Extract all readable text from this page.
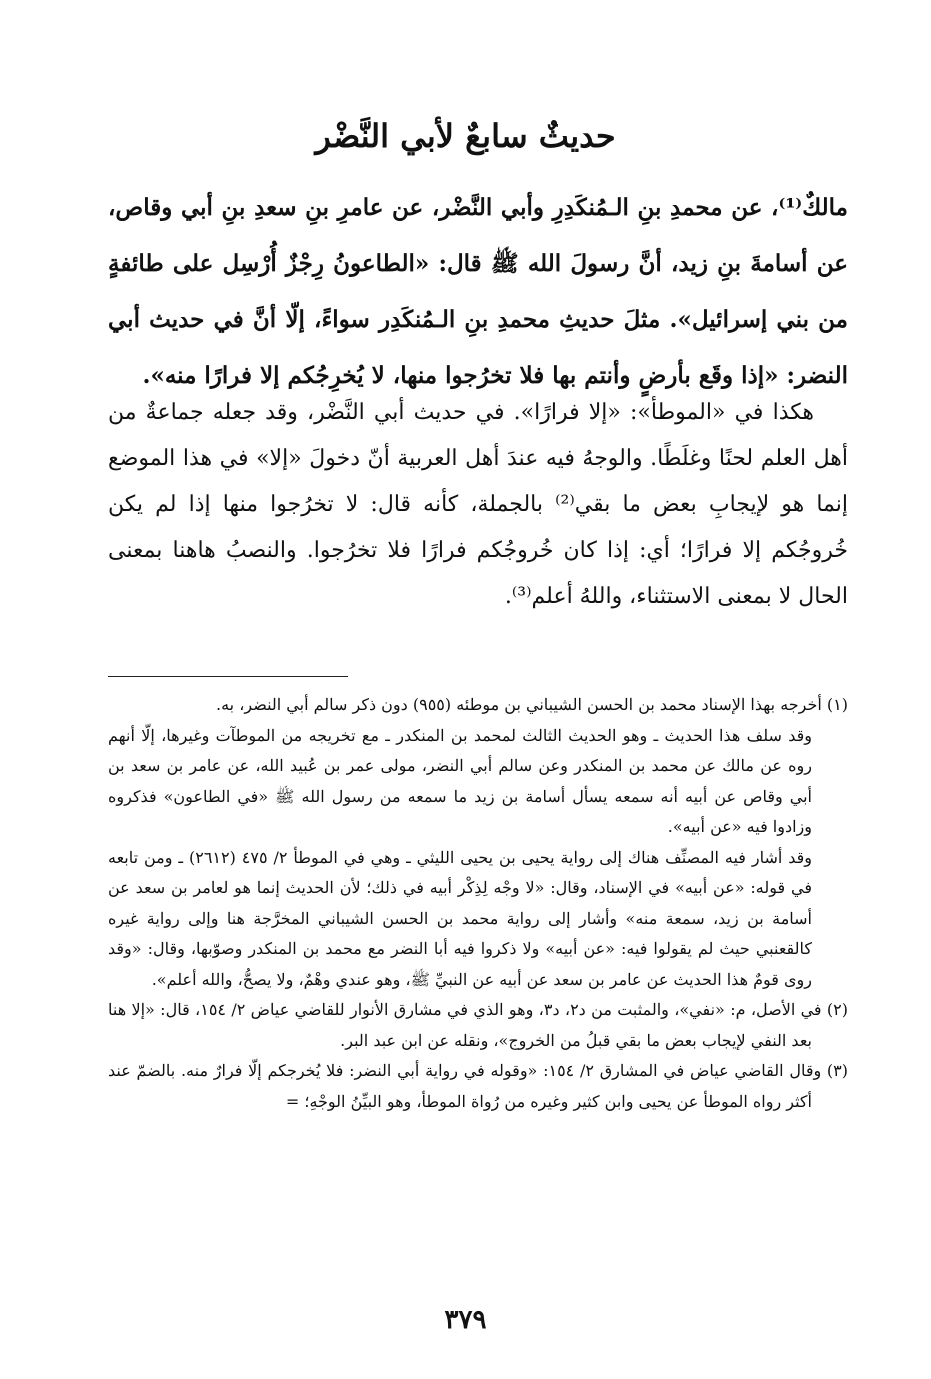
حديثٌ سابعٌ لأبي النَّضْر

مالكٌ⁽¹⁾، عن محمدِ بنِ الـمُنكَدِرِ وأبي النَّضْر، عن عامرِ بنِ سعدِ بنِ أبي وقاص، عن أسامةَ بنِ زيد، أنَّ رسولَ الله ﷺ قال: «الطاعونُ رِجْزٌ أُرْسِل على طائفةٍ من بني إسرائيل». مثلَ حديثِ محمدِ بنِ الـمُنكَدِر سواءً، إلّا أنَّ في حديث أبي النضر: «إذا وقَع بأرضٍ وأنتم بها فلا تخرُجوا منها، لا يُخرِجُكم إلا فرارًا منه».

هكذا في «الموطأ»: «إلا فرارًا». في حديث أبي النَّضْر، وقد جعله جماعةٌ من أهل العلم لحنًا وغلَطًا. والوجهُ فيه عندَ أهل العربية أنّ دخولَ «إلا» في هذا الموضع إنما هو لإيجابِ بعض ما بقي⁽²⁾ بالجملة، كأنه قال: لا تخرُجوا منها إذا لم يكن خُروجُكم إلا فرارًا؛ أي: إذا كان خُروجُكم فرارًا فلا تخرُجوا. والنصبُ هاهنا بمعنى الحال لا بمعنى الاستثناء، واللهُ أعلم⁽³⁾.

(١) أخرجه بهذا الإسناد محمد بن الحسن الشيباني بن موطئه (٩٥٥) دون ذكر سالم أبي النضر، به.

وقد سلف هذا الحديث ـ وهو الحديث الثالث لمحمد بن المنكدر ـ مع تخريجه من الموطآت وغيرها، إلّا أنهم روه عن مالك عن محمد بن المنكدر وعن سالم أبي النضر، مولى عمر بن عُبيد الله، عن عامر بن سعد بن أبي وقاص عن أبيه أنه سمعه يسأل أسامة بن زيد ما سمعه من رسول الله ﷺ «في الطاعون» فذكروه وزادوا فيه «عن أبيه».

وقد أشار فيه المصنِّف هناك إلى رواية يحيى بن يحيى الليثي ـ وهي في الموطأ ٢/ ٤٧٥ (٢٦١٢) ـ ومن تابعه في قوله: «عن أبيه» في الإسناد، وقال: «لا وجْه لِذِكْر أبيه في ذلك؛ لأن الحديث إنما هو لعامر بن سعد عن أسامة بن زيد، سمعة منه» وأشار إلى رواية محمد بن الحسن الشيباني المخرَّجة هنا وإلى رواية غيره كالقعنبي حيث لم يقولوا فيه: «عن أبيه» ولا ذكروا فيه أبا النضر مع محمد بن المنكدر وصوّبها، وقال: «وقد روى قومٌ هذا الحديث عن عامر بن سعد عن أبيه عن النبيِّ ﷺ، وهو عندي وهْمٌ، ولا يصحُّ، والله أعلم».

(٢) في الأصل، م: «نفي»، والمثبت من د٢، د٣، وهو الذي في مشارق الأنوار للقاضي عياض ٢/ ١٥٤، قال: «إلا هنا بعد النفي لإيجاب بعض ما بقي قبلُ من الخروج»، ونقله عن ابن عبد البر.

(٣) وقال القاضي عياض في المشارق ٢/ ١٥٤: «وقوله في رواية أبي النضر: فلا يُخرجكم إلّا فرارٌ منه. بالضمّ عند أكثر رواه الموطأ عن يحيى وابن كثير وغيره من رُواة الموطأ، وهو البيِّنُ الوجْهِ؛ =

٣٧٩
